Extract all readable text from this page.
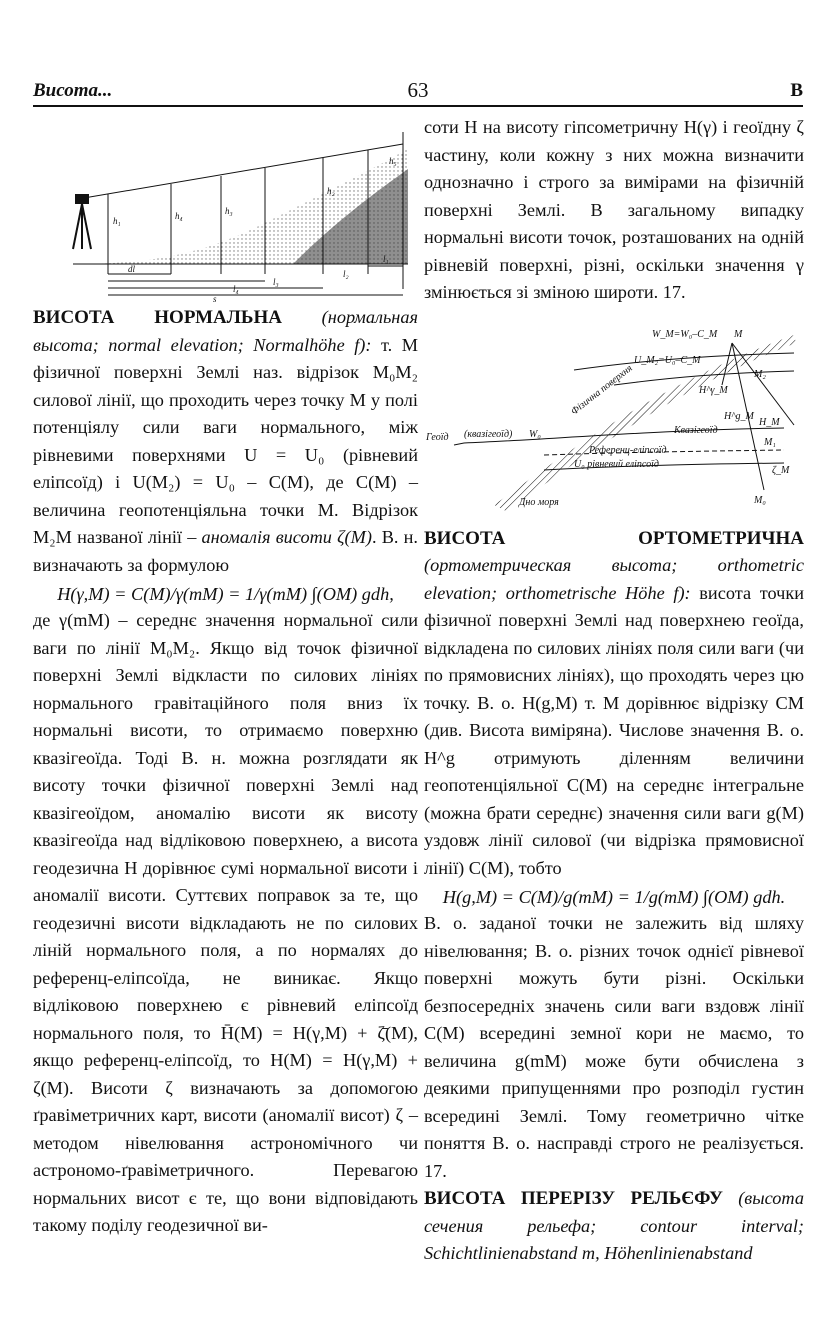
Висота...	63	В
h₁	h₄	h₃
h₂
h₅
dl
l₁
l₂
l₃
l₄
s

ВИСОТА НОРМАЛЬНА (нормальная высота; normal elevation; Normalhöhe f): т. M фізичної поверхні Землі наз. відрізок M₀M₂ силової лінії, що проходить через точку M у полі потенціялу сили ваги нормального, між рівневими поверхнями U = U₀ (рівневий еліпсоїд) і U(M₂) = U₀ – C(M), де C(M) – величина геопотенціяльна точки M. Відрізок M₂M названої лінії – аномалія висоти ζ(M). В. н. визначають за формулою

H(γ,M) = C(M)/γ(mM) = 1/γ(mM) ∫(OM) gdh,

де γ(mM) – середнє значення нормальної сили ваги по лінії M₀M₂. Якщо від точок фізичної поверхні Землі відкласти по силових лініях нормального гравітаційного поля вниз їх нормальні висоти, то отримаємо поверхню квазігеоїда. Тоді В. н. можна розглядати як висоту точки фізичної поверхні Землі над квазігеоїдом, аномалію висоти як висоту квазігеоїда над відліковою поверхнею, а висота геодезична H дорівнює сумі нормальної висоти і аномалії висоти. Суттєвих поправок за те, що геодезичні висоти відкладають не по силових ліній нормального поля, а по нормалях до референц-еліпсоїда, не виникає. Якщо відліковою поверхнею є рівневий еліпсоїд нормального поля, то H̄(M) = H(γ,M) + ζ̄(M), якщо референц-еліпсоїд, то H(M) = H(γ,M) + ζ(M). Висоти ζ визначають за допомогою ґравіметричних карт, висоти (аномалії висот) ζ – методом нівелювання астрономічного чи астрономо-ґравіметричного. Перевагою нормальних висот є те, що вони відповідають такому поділу геодезичної ви-

соти H на висоту гіпсометричну H(γ) і геоїдну ζ частину, коли кожну з них можна визначити однозначно і строго за вимірами на фізичній поверхні Землі. В загальному випадку нормальні висоти точок, розташованих на одній рівневій поверхні, різні, оскільки значення γ змінюється зі зміною широти. 17.

W_M=W₀–C_M
U_M₂=U₀–C_M
M
H^γ_M
H_M
Квазігеоїд
M₂
M₁
M₀
ζ_M
Референц-еліпсоїд
U₀ рівневий еліпсоїд
Геоїд (квазігеоїд) W₀
Дно моря
Фізична поверхня	H^g_M

ВИСОТА ОРТОМЕТРИЧНА (ортометрическая высота; orthometric elevation; orthometrische Höhe f): висота точки фізичної поверхні Землі над поверхнею геоїда, відкладена по силових лініях поля сили ваги (чи по прямовисних лініях), що проходять через цю точку. В. о. H(g,M) т. M дорівнює відрізку CM (див. Висота виміряна). Числове значення В. о. H^g отримують діленням величини геопотенціяльної C(M) на середнє інтегральне (можна брати середнє) значення сили ваги g(M) уздовж лінії силової (чи відрізка прямовисної лінії) C(M), тобто

H(g,M) = C(M)/g(mM) = 1/g(mM) ∫(OM) gdh.

В. о. заданої точки не залежить від шляху нівелювання; В. о. різних точок однієї рівневої поверхні можуть бути різні. Оскільки безпосередніх значень сили ваги вздовж лінії C(M) всередині земної кори не маємо, то величина g(mM) може бути обчислена з деякими припущеннями про розподіл густин всередині Землі. Тому геометрично чітке поняття В. о. насправді строго не реалізується. 17.

ВИСОТА ПЕРЕРІЗУ РЕЛЬЄФУ (высота сечения рельефа; contour interval; Schichtlinienabstand m, Höhenlinienabstand
